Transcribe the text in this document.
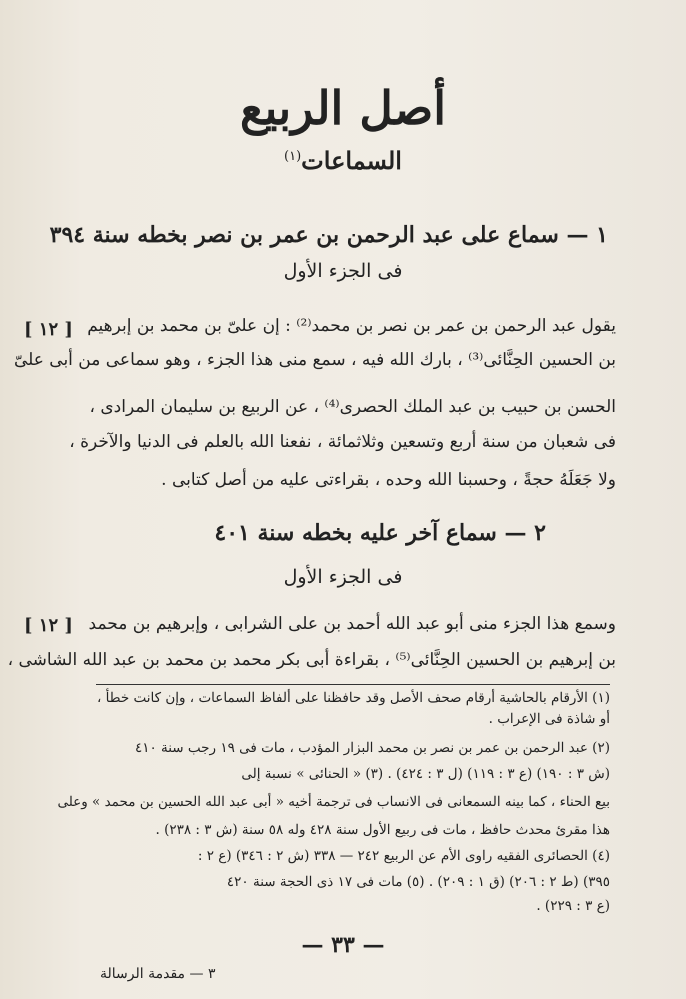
أصل الربيع
السماعات$^{(١)}$
١ — سماع على عبد الرحمن بن عمر بن نصر بخطه سنة ٣٩٤
فى الجزء الأول
[ ١٢ ] يقول عبد الرحمن بن عمر بن نصر بن محمد⁽²⁾ : إن علىّ بن محمد بن إبرهيم
بن الحسين الحِنَّائى⁽³⁾ ، بارك الله فيه ، سمع منى هذا الجزء ، وهو سماعى من أبى علىّ
الحسن بن حبيب بن عبد الملك الحصرى⁽⁴⁾ ، عن الربيع بن سليمان المرادى ،
فى شعبان من سنة أربع وتسعين وثلاثمائة ، نفعنا الله بالعلم فى الدنيا والآخرة ،
ولا جَعَلَهُ حجةً ، وحسبنا الله وحده ، بقراءتى عليه من أصل كتابى .
٢ — سماع آخر عليه بخطه سنة ٤٠١
فى الجزء الأول
[ ١٢ ] وسمع هذا الجزء منى أبو عبد الله أحمد بن على الشرابى ، وإبرهيم بن محمد
بن إبرهيم بن الحسين الحِنَّائى⁽⁵⁾ ، بقراءة أبى بكر محمد بن محمد بن عبد الله الشاشى ،
(١) الأرقام بالحاشية أرقام صحف الأصل وقد حافظنا على ألفاظ السماعات ، وإن كانت خطأ ،
أو شاذة فى الإعراب .
(٢) عبد الرحمن بن عمر بن نصر بن محمد البزار المؤدب ، مات فى ١٩ رجب سنة ٤١٠
(ش ٣ : ١٩٠) (ع ٣ : ١١٩) (ل ٣ : ٤٢٤) . (٣) « الحنائى » نسبة إلى
بيع الحناء ، كما بينه السمعانى فى الانساب فى ترجمة أخيه « أبى عبد الله الحسين بن محمد » وعلى
هذا مقرئ محدث حافظ ، مات فى ربيع الأول سنة ٤٢٨ وله ٥٨ سنة (ش ٣ : ٢٣٨) .
(٤) الحصائرى الفقيه راوى الأم عن الربيع ٢٤٢ — ٣٣٨ (ش ٢ : ٣٤٦) (ع ٢ :
٣٩٥) (ط ٢ : ٢٠٦) (ق ١ : ٢٠٩) . (٥) مات فى ١٧ ذى الحجة سنة ٤٢٠
(ع ٣ : ٢٢٩) .
— ٣٣ —
٣ — مقدمة الرسالة
